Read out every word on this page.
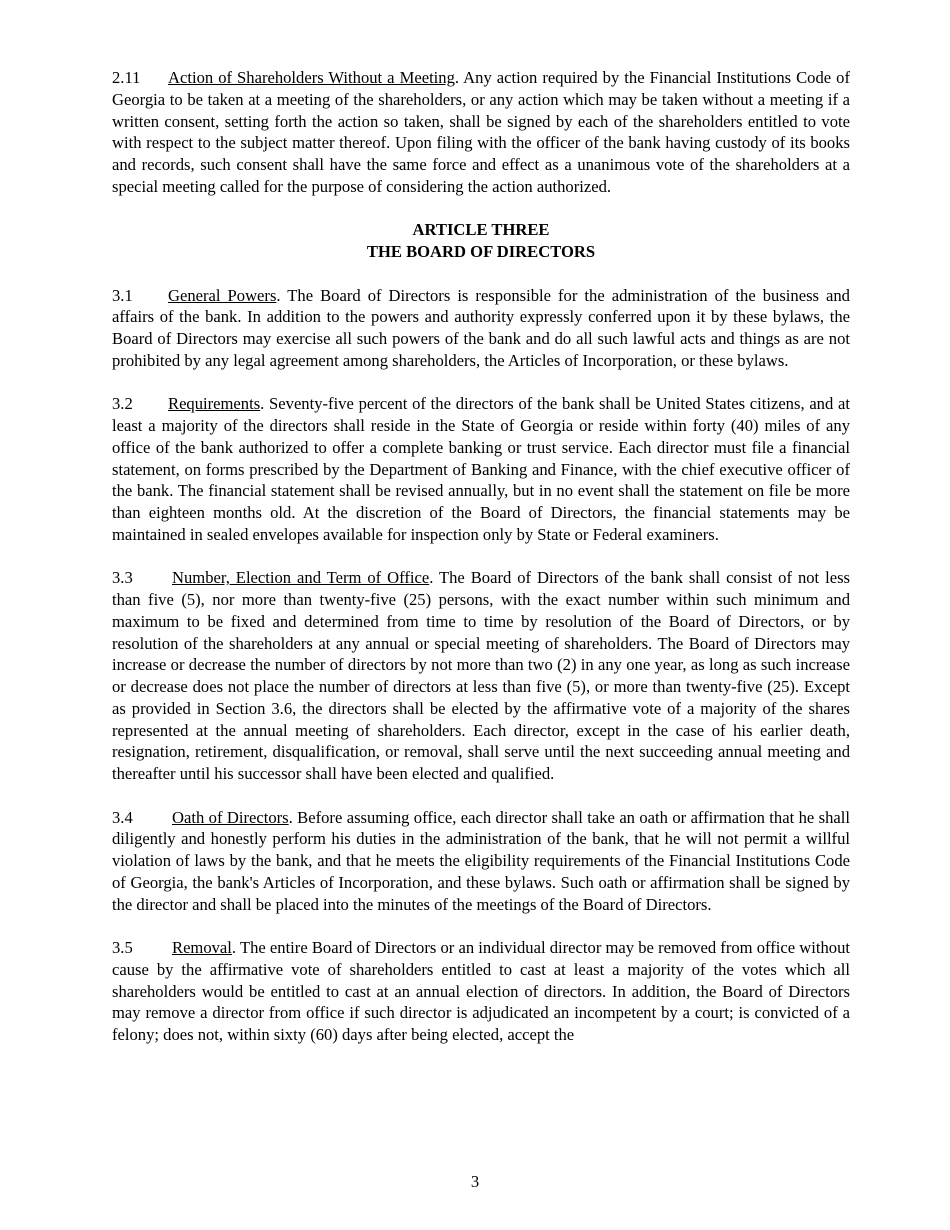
2.11 Action of Shareholders Without a Meeting. Any action required by the Financial Institutions Code of Georgia to be taken at a meeting of the shareholders, or any action which may be taken without a meeting if a written consent, setting forth the action so taken, shall be signed by each of the shareholders entitled to vote with respect to the subject matter thereof. Upon filing with the officer of the bank having custody of its books and records, such consent shall have the same force and effect as a unanimous vote of the shareholders at a special meeting called for the purpose of considering the action authorized.

ARTICLE THREE
THE BOARD OF DIRECTORS

3.1 General Powers. The Board of Directors is responsible for the administration of the business and affairs of the bank. In addition to the powers and authority expressly conferred upon it by these bylaws, the Board of Directors may exercise all such powers of the bank and do all such lawful acts and things as are not prohibited by any legal agreement among shareholders, the Articles of Incorporation, or these bylaws.

3.2 Requirements. Seventy-five percent of the directors of the bank shall be United States citizens, and at least a majority of the directors shall reside in the State of Georgia or reside within forty (40) miles of any office of the bank authorized to offer a complete banking or trust service. Each director must file a financial statement, on forms prescribed by the Department of Banking and Finance, with the chief executive officer of the bank. The financial statement shall be revised annually, but in no event shall the statement on file be more than eighteen months old. At the discretion of the Board of Directors, the financial statements may be maintained in sealed envelopes available for inspection only by State or Federal examiners.

3.3 Number, Election and Term of Office. The Board of Directors of the bank shall consist of not less than five (5), nor more than twenty-five (25) persons, with the exact number within such minimum and maximum to be fixed and determined from time to time by resolution of the Board of Directors, or by resolution of the shareholders at any annual or special meeting of shareholders. The Board of Directors may increase or decrease the number of directors by not more than two (2) in any one year, as long as such increase or decrease does not place the number of directors at less than five (5), or more than twenty-five (25). Except as provided in Section 3.6, the directors shall be elected by the affirmative vote of a majority of the shares represented at the annual meeting of shareholders. Each director, except in the case of his earlier death, resignation, retirement, disqualification, or removal, shall serve until the next succeeding annual meeting and thereafter until his successor shall have been elected and qualified.

3.4 Oath of Directors. Before assuming office, each director shall take an oath or affirmation that he shall diligently and honestly perform his duties in the administration of the bank, that he will not permit a willful violation of laws by the bank, and that he meets the eligibility requirements of the Financial Institutions Code of Georgia, the bank's Articles of Incorporation, and these bylaws. Such oath or affirmation shall be signed by the director and shall be placed into the minutes of the meetings of the Board of Directors.

3.5 Removal. The entire Board of Directors or an individual director may be removed from office without cause by the affirmative vote of shareholders entitled to cast at least a majority of the votes which all shareholders would be entitled to cast at an annual election of directors. In addition, the Board of Directors may remove a director from office if such director is adjudicated an incompetent by a court; is convicted of a felony; does not, within sixty (60) days after being elected, accept the

3
